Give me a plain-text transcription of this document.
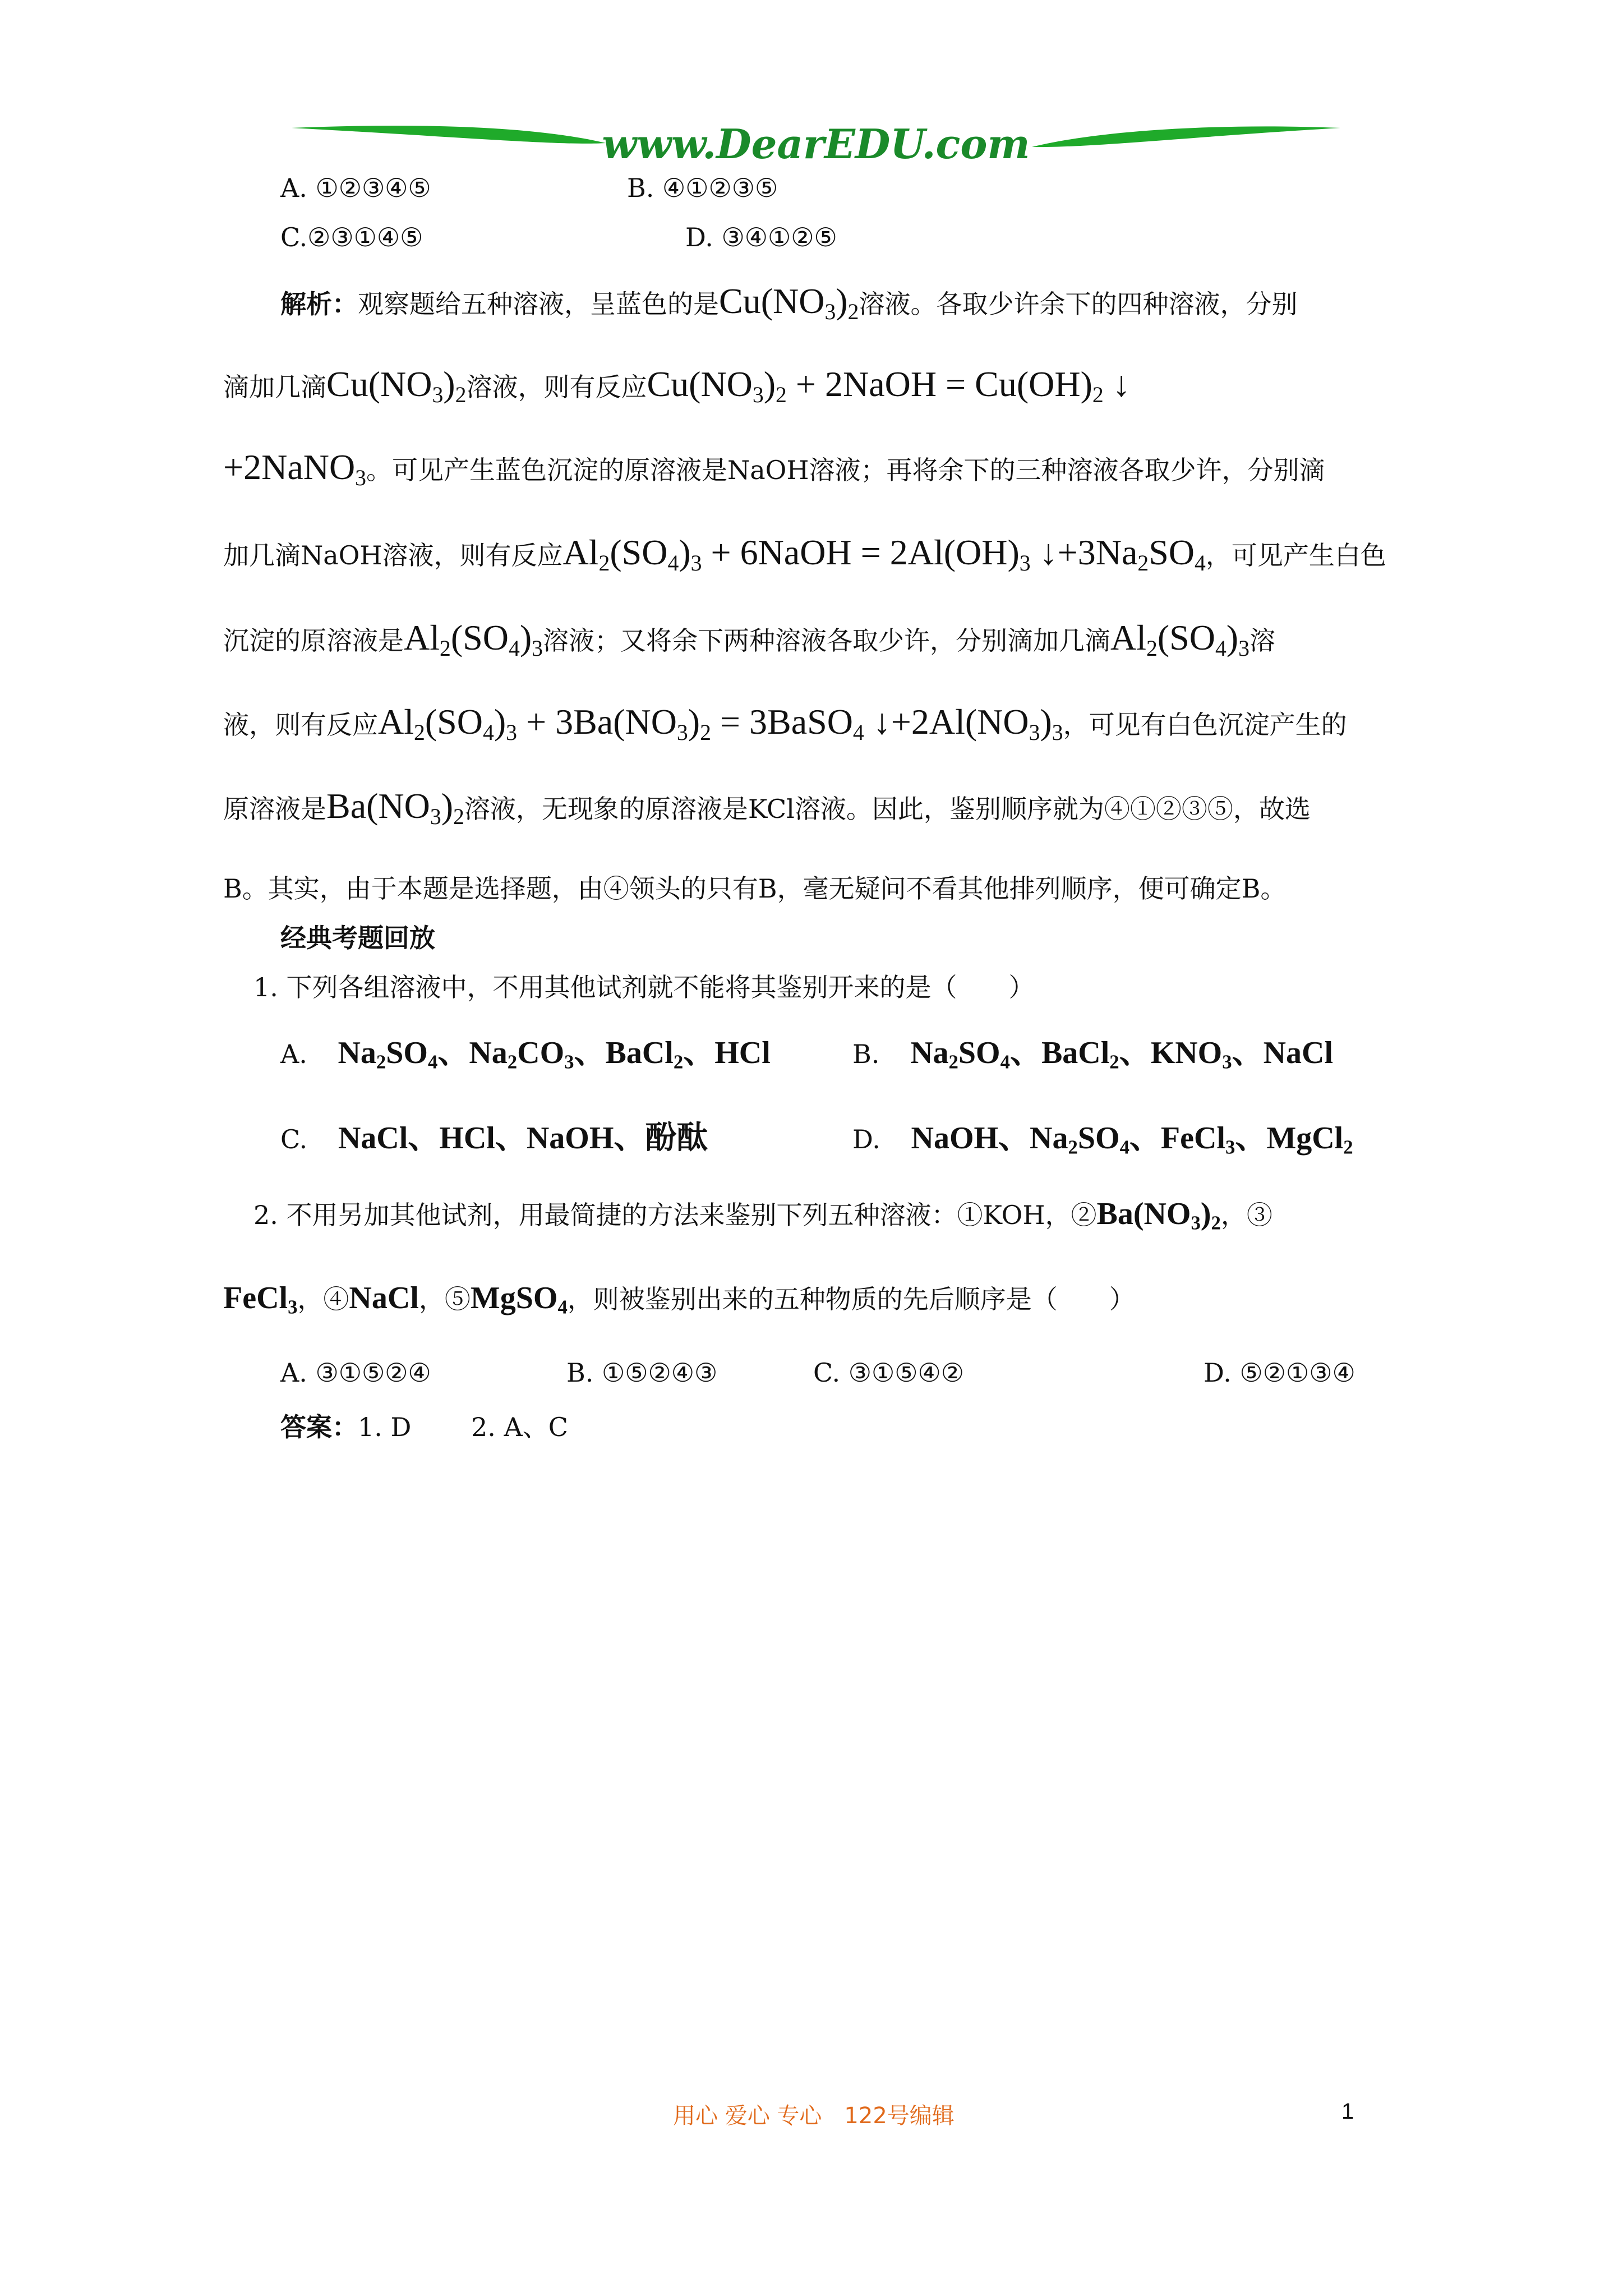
www.DearEDU.com
A. ①②③④⑤	B. ④①②③⑤
C.②③①④⑤	D. ③④①②⑤
解析：观察题给五种溶液，呈蓝色的是$Cu(NO_3)_2$溶液。各取少许余下的四种溶液，分别
滴加几滴$Cu(NO_3)_2$溶液，则有反应$Cu(NO_3)_2$ + 2NaOH = $Cu(OH)_2$ ↓
+2NaNO$_3$。可见产生蓝色沉淀的原溶液是NaOH溶液；再将余下的三种溶液各取少许，分别滴
加几滴NaOH溶液，则有反应$Al_2(SO_4)_3$ + 6NaOH = $2Al(OH)_3$ $↓+3Na_2SO_4$，可见产生白色
沉淀的原溶液是$Al_2(SO_4)_3$溶液；又将余下两种溶液各取少许，分别滴加几滴$Al_2(SO_4)_3$溶
液，则有反应$Al_2(SO_4)_3 + 3Ba(NO_3)_2$ = 3BaSO$_4$ $↓+2Al(NO_3)_3$，可见有白色沉淀产生的
原溶液是$Ba(NO_3)_2$溶液，无现象的原溶液是KCl溶液。因此，鉴别顺序就为④①②③⑤，故选
B。其实，由于本题是选择题，由④领头的只有B，毫无疑问不看其他排列顺序，便可确定B。
经典考题回放
1. 下列各组溶液中，不用其他试剂就不能将其鉴别开来的是（　　）
A. $Na_2SO_4$、$Na_2CO_3$、BaCl$_2$、HCl	B. $Na_2SO_4$、BaCl$_2$、$KNO_3$、NaCl
C. NaCl、HCl、NaOH、酚酞	D. NaOH、$Na_2SO_4$、FeCl$_3$、MgCl$_2$
2. 不用另加其他试剂，用最简捷的方法来鉴别下列五种溶液：①KOH，$②Ba(NO_3)_2$，③
FeCl$_3$，④NaCl，⑤MgSO$_4$，则被鉴别出来的五种物质的先后顺序是（　　）
A. ③①⑤②④	B. ①⑤②④③	C. ③①⑤④②	D. ⑤②①③④
答案：1. D　　 2. A、C
用心 爱心 专心　122号编辑	1
